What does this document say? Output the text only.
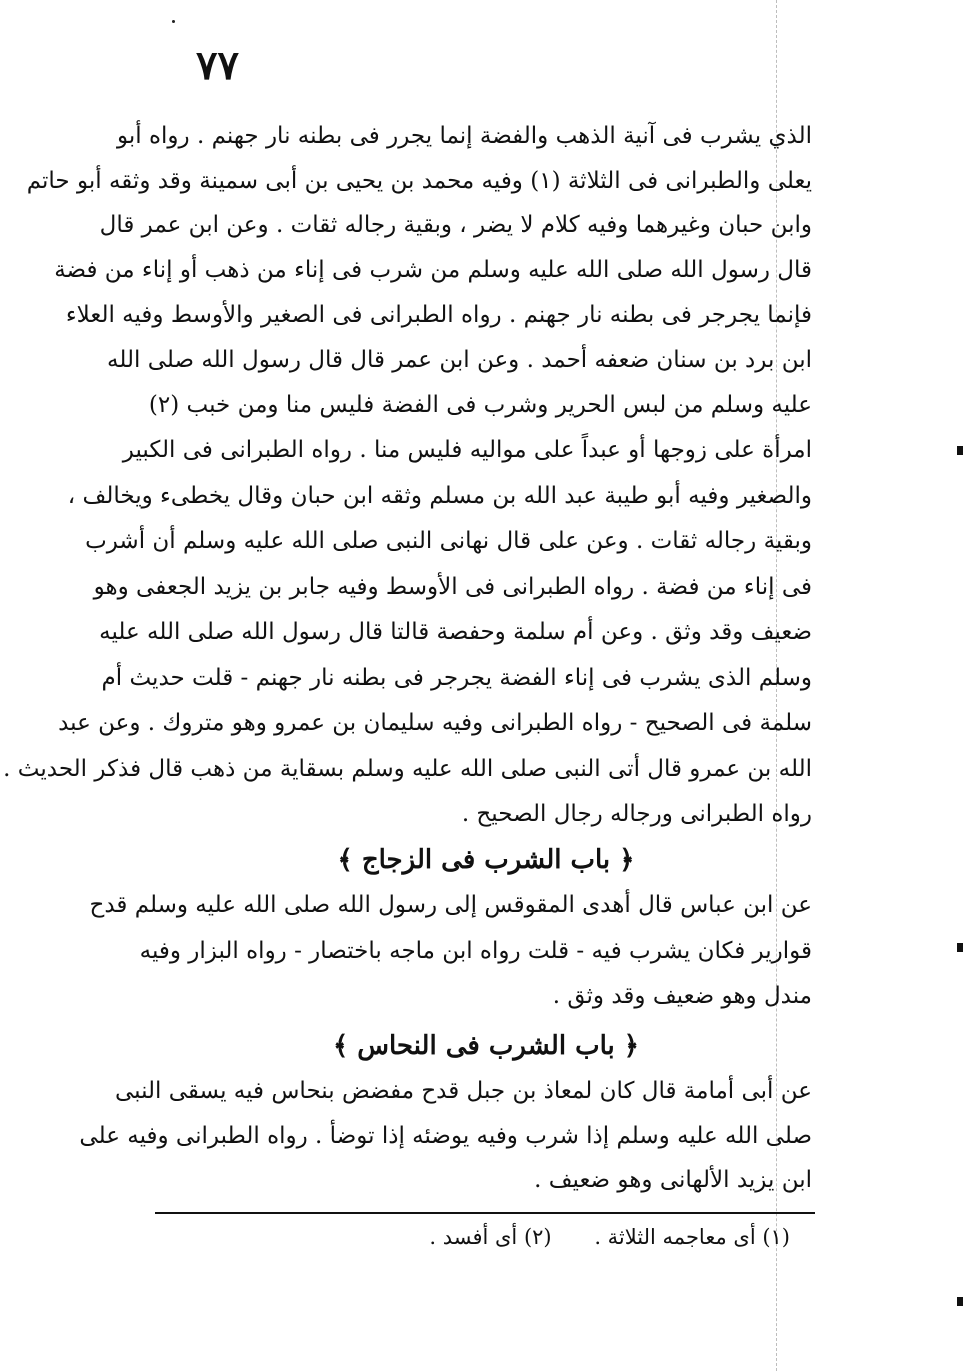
٧٧
الذي يشرب فى آنية الذهب والفضة إنما يجرر فى بطنه نار جهنم . رواه أبو
يعلى والطبرانى فى الثلاثة (١) وفيه محمد بن يحيى بن أبى سمينة وقد وثقه أبو حاتم
وابن حبان وغيرهما وفيه كلام لا يضر ، وبقية رجاله ثقات . وعن ابن عمر قال
قال رسول الله صلى الله عليه وسلم من شرب فى إناء من ذهب أو إناء من فضة
فإنما يجرجر فى بطنه نار جهنم . رواه الطبرانى فى الصغير والأوسط وفيه العلاء
ابن برد بن سنان ضعفه أحمد . وعن ابن عمر قال قال رسول الله صلى الله
عليه وسلم من لبس الحرير وشرب فى الفضة فليس منا ومن خبب (٢)
امرأة على زوجها أو عبداً على مواليه فليس منا . رواه الطبرانى فى الكبير
والصغير وفيه أبو طيبة عبد الله بن مسلم وثقه ابن حبان وقال يخطىء ويخالف ،
وبقية رجاله ثقات . وعن على قال نهانى النبى صلى الله عليه وسلم أن أشرب
فى إناء من فضة . رواه الطبرانى فى الأوسط وفيه جابر بن يزيد الجعفى وهو
ضعيف وقد وثق . وعن أم سلمة وحفصة قالتا قال رسول الله صلى الله عليه
وسلم الذى يشرب فى إناء الفضة يجرجر فى بطنه نار جهنم - قلت حديث أم
سلمة فى الصحيح - رواه الطبرانى وفيه سليمان بن عمرو وهو متروك . وعن عبد
الله بن عمرو قال أتى النبى صلى الله عليه وسلم بسقاية من ذهب قال فذكر الحديث .
رواه الطبرانى ورجاله رجال الصحيح .
﴿ باب الشرب فى الزجاج ﴾
عن ابن عباس قال أهدى المقوقس إلى رسول الله صلى الله عليه وسلم قدح
قوارير فكان يشرب فيه - قلت رواه ابن ماجه باختصار - رواه البزار وفيه
مندل وهو ضعيف وقد وثق .
﴿ باب الشرب فى النحاس ﴾
عن أبى أمامة قال كان لمعاذ بن جبل قدح مفضض بنحاس فيه يسقى النبى
صلى الله عليه وسلم إذا شرب وفيه يوضئه إذا توضأ . رواه الطبرانى وفيه على
ابن يزيد الألهانى وهو ضعيف .
(١) أى معاجمه الثلاثة . (٢) أى أفسد .
